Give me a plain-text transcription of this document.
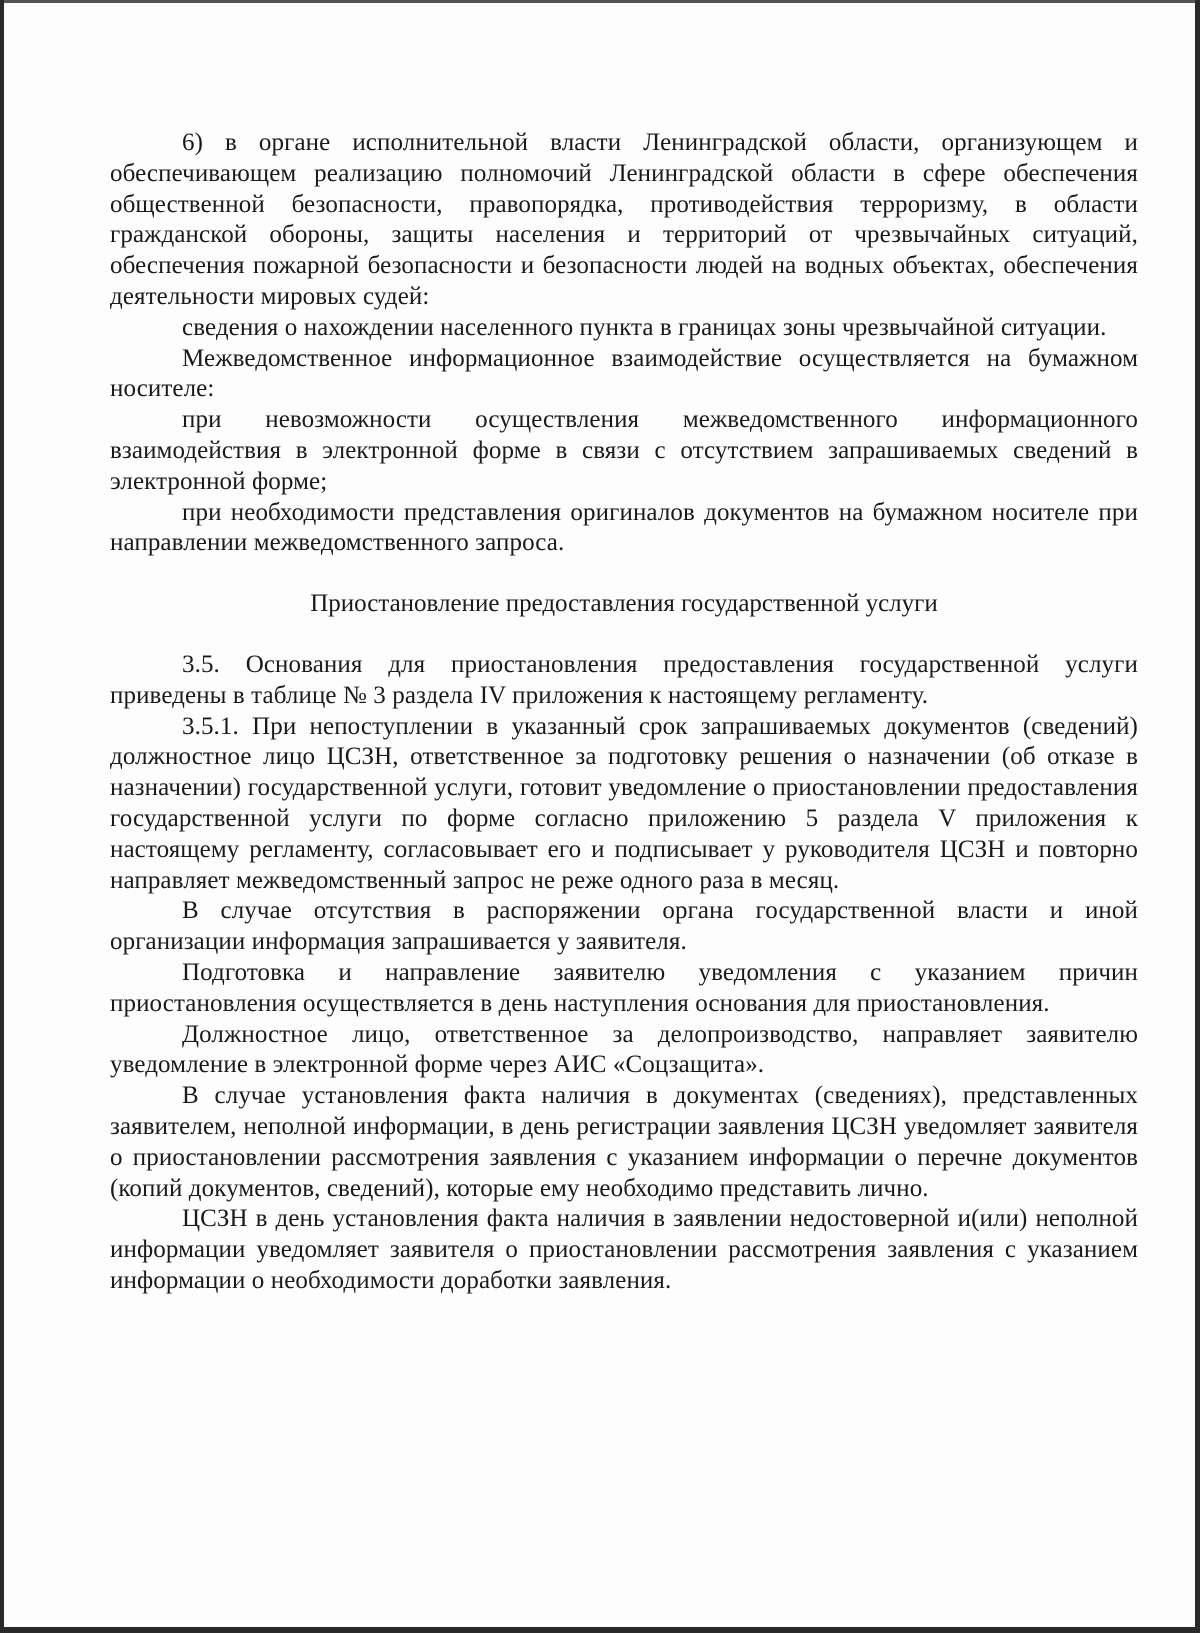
6) в органе исполнительной власти Ленинградской области, организующем и обеспечивающем реализацию полномочий Ленинградской области в сфере обеспечения общественной безопасности, правопорядка, противодействия терроризму, в области гражданской обороны, защиты населения и территорий от чрезвычайных ситуаций, обеспечения пожарной безопасности и безопасности людей на водных объектах, обеспечения деятельности мировых судей:

сведения о нахождении населенного пункта в границах зоны чрезвычайной ситуации.

Межведомственное информационное взаимодействие осуществляется на бумажном носителе:

при невозможности осуществления межведомственного информационного взаимодействия в электронной форме в связи с отсутствием запрашиваемых сведений в электронной форме;

при необходимости представления оригиналов документов на бумажном носителе при направлении межведомственного запроса.

Приостановление предоставления государственной услуги

3.5. Основания для приостановления предоставления государственной услуги приведены в таблице № 3 раздела IV приложения к настоящему регламенту.

3.5.1. При непоступлении в указанный срок запрашиваемых документов (сведений) должностное лицо ЦСЗН, ответственное за подготовку решения о назначении (об отказе в назначении) государственной услуги, готовит уведомление о приостановлении предоставления государственной услуги по форме согласно приложению 5 раздела V приложения к настоящему регламенту, согласовывает его и подписывает у руководителя ЦСЗН и повторно направляет межведомственный запрос не реже одного раза в месяц.

В случае отсутствия в распоряжении органа государственной власти и иной организации информация запрашивается у заявителя.

Подготовка и направление заявителю уведомления с указанием причин приостановления осуществляется в день наступления основания для приостановления.

Должностное лицо, ответственное за делопроизводство, направляет заявителю уведомление в электронной форме через АИС «Соцзащита».

В случае установления факта наличия в документах (сведениях), представленных заявителем, неполной информации, в день регистрации заявления ЦСЗН уведомляет заявителя о приостановлении рассмотрения заявления с указанием информации о перечне документов (копий документов, сведений), которые ему необходимо представить лично.

ЦСЗН в день установления факта наличия в заявлении недостоверной и(или) неполной информации уведомляет заявителя о приостановлении рассмотрения заявления с указанием информации о необходимости доработки заявления.
